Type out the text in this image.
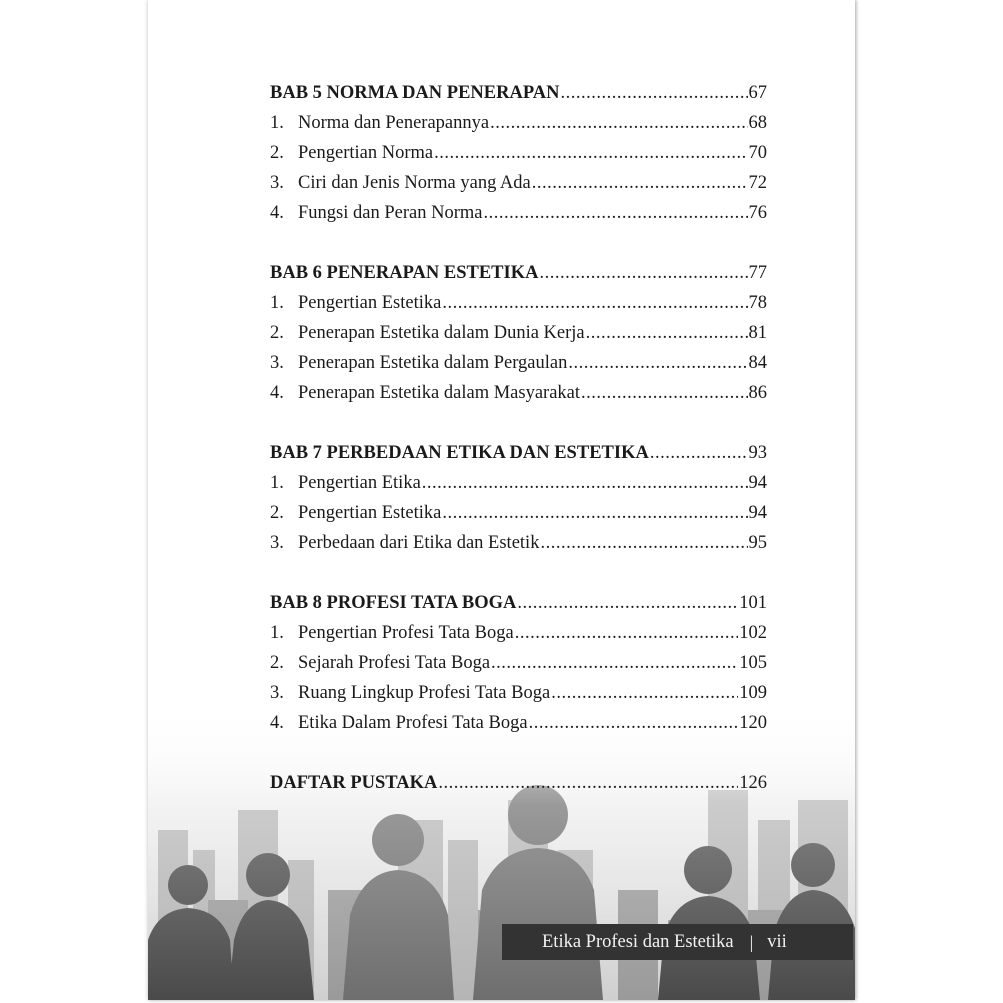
BAB 5 NORMA DAN PENERAPAN .....	67
1. Norma dan Penerapannya .....	68
2. Pengertian Norma .....	70
3. Ciri dan Jenis Norma yang Ada .....	72
4. Fungsi dan Peran Norma .....	76
BAB 6 PENERAPAN ESTETIKA .....	77
1. Pengertian Estetika .....	78
2. Penerapan Estetika dalam Dunia Kerja .....	81
3. Penerapan Estetika dalam Pergaulan .....	84
4. Penerapan Estetika dalam Masyarakat .....	86
BAB 7 PERBEDAAN ETIKA DAN ESTETIKA .....	93
1. Pengertian Etika .....	94
2. Pengertian Estetika .....	94
3. Perbedaan dari Etika dan Estetik .....	95
BAB 8 PROFESI TATA BOGA .....	101
1. Pengertian Profesi Tata Boga .....	102
2. Sejarah Profesi Tata Boga .....	105
3. Ruang Lingkup Profesi Tata Boga .....	109
4. Etika Dalam Profesi Tata Boga .....	120
DAFTAR PUSTAKA .....	126
Etika Profesi dan Estetika | vii
